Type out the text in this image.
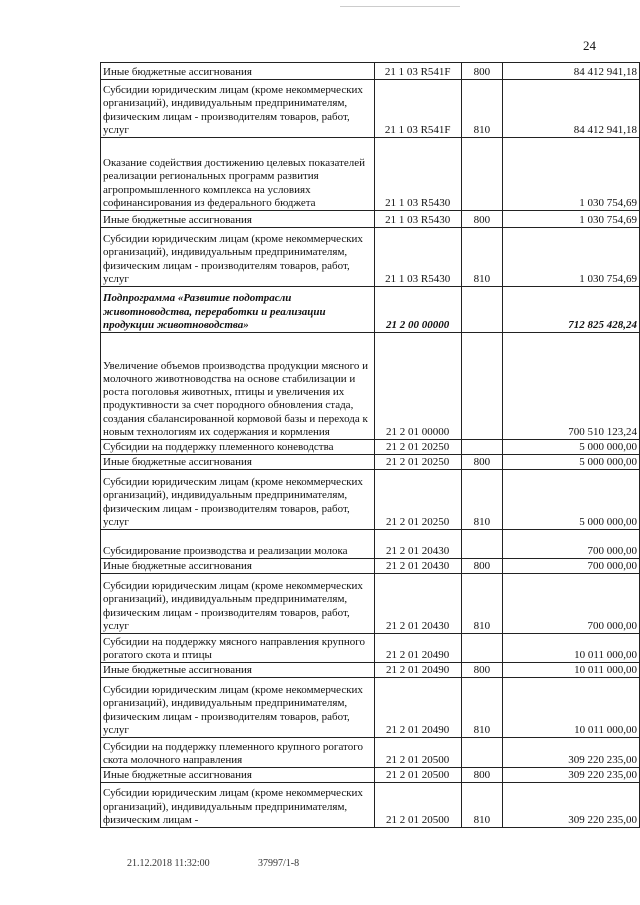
24
Иные бюджетные ассигнования	21 1 03 R541F	800	84 412 941,18
Субсидии юридическим лицам (кроме некоммерческих организаций), индивидуальным предпринимателям, физическим лицам - производителям товаров, работ, услуг	21 1 03 R541F	810	84 412 941,18
Оказание содействия достижению целевых показателей реализации региональных программ развития агропромышленного комплекса на условиях софинансирования из федерального бюджета	21 1 03 R5430		1 030 754,69
Иные бюджетные ассигнования	21 1 03 R5430	800	1 030 754,69
Субсидии юридическим лицам (кроме некоммерческих организаций), индивидуальным предпринимателям, физическим лицам - производителям товаров, работ, услуг	21 1 03 R5430	810	1 030 754,69
Подпрограмма «Развитие подотрасли животноводства, переработки и реализации продукции животноводства»	21 2 00 00000		712 825 428,24
Увеличение объемов производства продукции мясного и молочного животноводства на основе стабилизации и роста поголовья животных, птицы и увеличения их продуктивности за счет породного обновления стада, создания сбалансированной кормовой базы и перехода к новым технологиям их содержания и кормления	21 2 01 00000		700 510 123,24
Субсидии на поддержку племенного коневодства	21 2 01 20250		5 000 000,00
Иные бюджетные ассигнования	21 2 01 20250	800	5 000 000,00
Субсидии юридическим лицам (кроме некоммерческих организаций), индивидуальным предпринимателям, физическим лицам - производителям товаров, работ, услуг	21 2 01 20250	810	5 000 000,00
Субсидирование производства и реализации молока	21 2 01 20430		700 000,00
Иные бюджетные ассигнования	21 2 01 20430	800	700 000,00
Субсидии юридическим лицам (кроме некоммерческих организаций), индивидуальным предпринимателям, физическим лицам - производителям товаров, работ, услуг	21 2 01 20430	810	700 000,00
Субсидии на поддержку мясного направления крупного рогатого скота и птицы	21 2 01 20490		10 011 000,00
Иные бюджетные ассигнования	21 2 01 20490	800	10 011 000,00
Субсидии юридическим лицам (кроме некоммерческих организаций), индивидуальным предпринимателям, физическим лицам - производителям товаров, работ, услуг	21 2 01 20490	810	10 011 000,00
Субсидии на поддержку племенного крупного рогатого скота молочного направления	21 2 01 20500		309 220 235,00
Иные бюджетные ассигнования	21 2 01 20500	800	309 220 235,00
Субсидии юридическим лицам (кроме некоммерческих организаций), индивидуальным предпринимателям, физическим лицам -	21 2 01 20500	810	309 220 235,00
21.12.2018 11:32:00	37997/1-8
